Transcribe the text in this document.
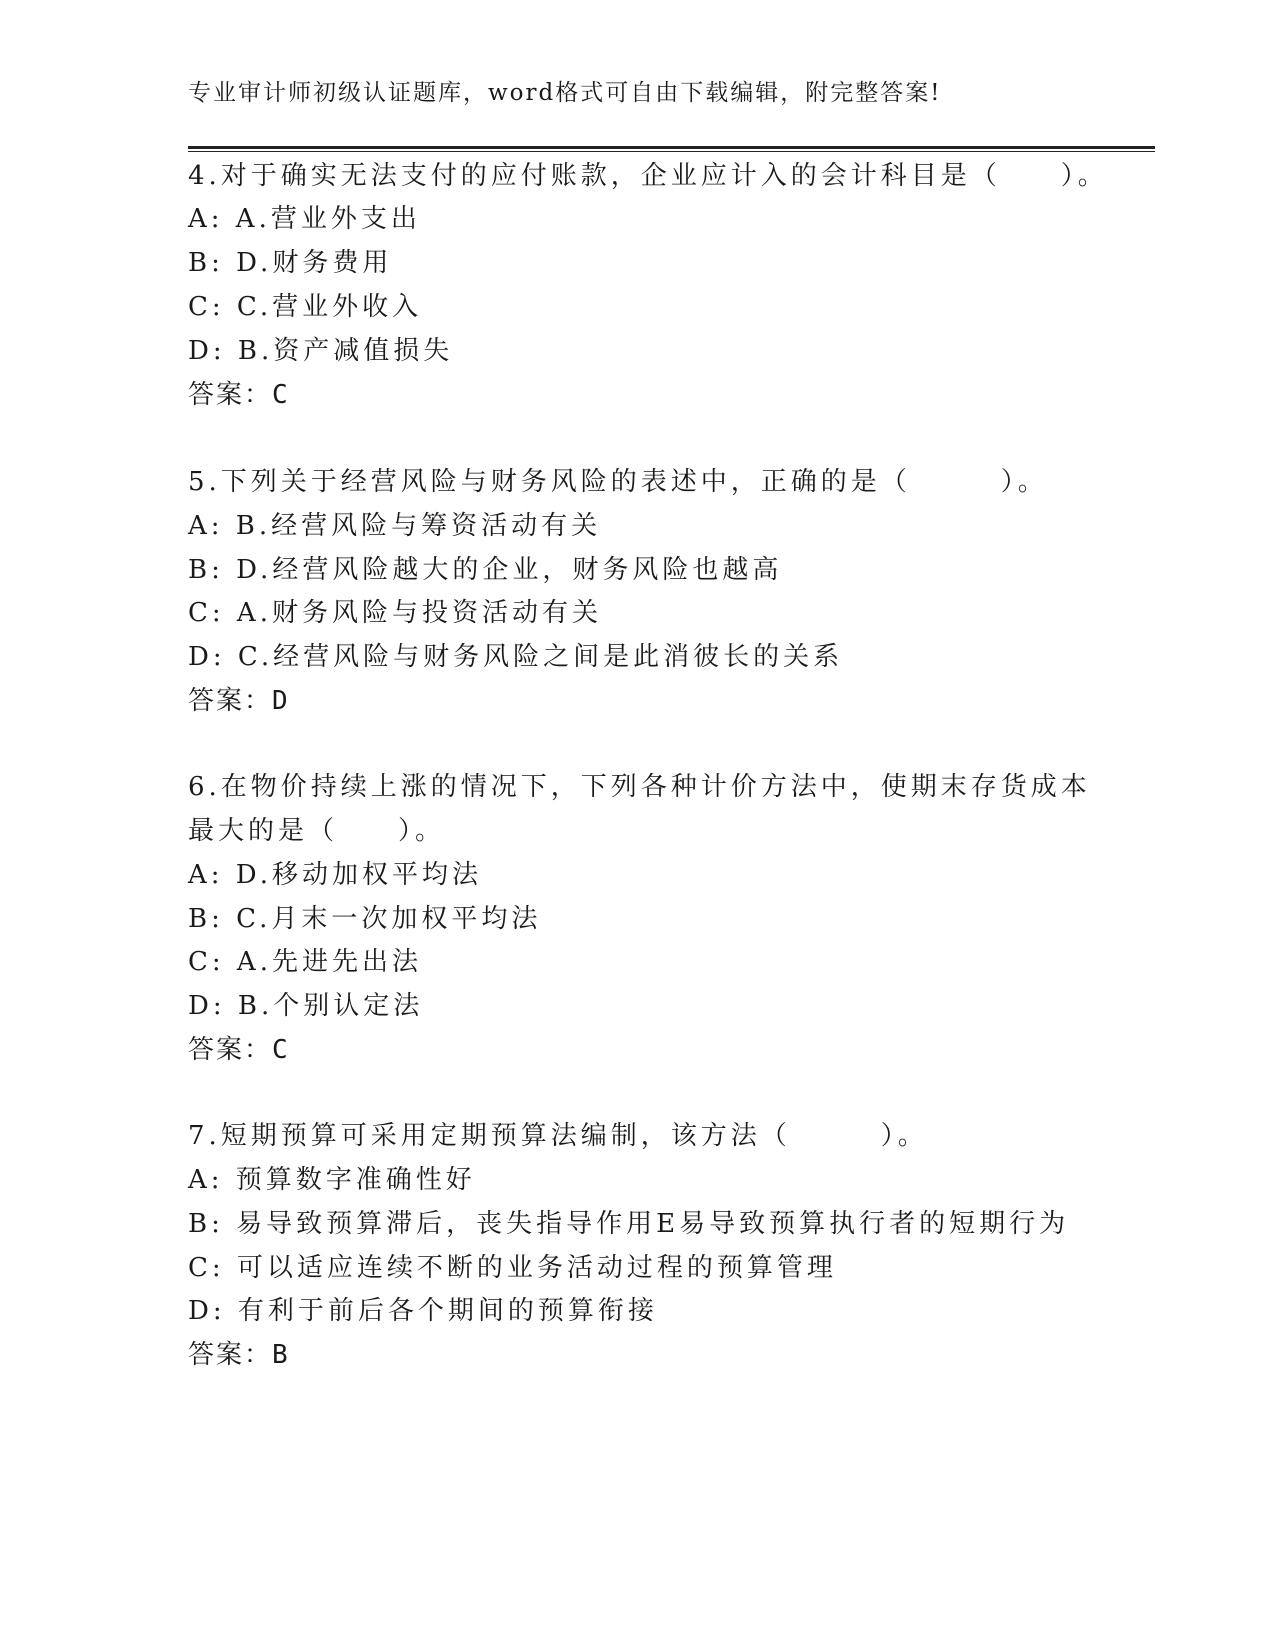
专业审计师初级认证题库，word格式可自由下载编辑，附完整答案!
4.对于确实无法支付的应付账款，企业应计入的会计科目是（　　）。
A: A.营业外支出
B: D.财务费用
C: C.营业外收入
D: B.资产减值损失
答案：C
5.下列关于经营风险与财务风险的表述中，正确的是（　　　）。
A: B.经营风险与筹资活动有关
B: D.经营风险越大的企业，财务风险也越高
C: A.财务风险与投资活动有关
D: C.经营风险与财务风险之间是此消彼长的关系
答案：D
6.在物价持续上涨的情况下，下列各种计价方法中，使期末存货成本
最大的是（　　）。
A: D.移动加权平均法
B: C.月末一次加权平均法
C: A.先进先出法
D: B.个别认定法
答案：C
7.短期预算可采用定期预算法编制，该方法（　　　）。
A: 预算数字准确性好
B: 易导致预算滞后，丧失指导作用E易导致预算执行者的短期行为
C: 可以适应连续不断的业务活动过程的预算管理
D: 有利于前后各个期间的预算衔接
答案：B
